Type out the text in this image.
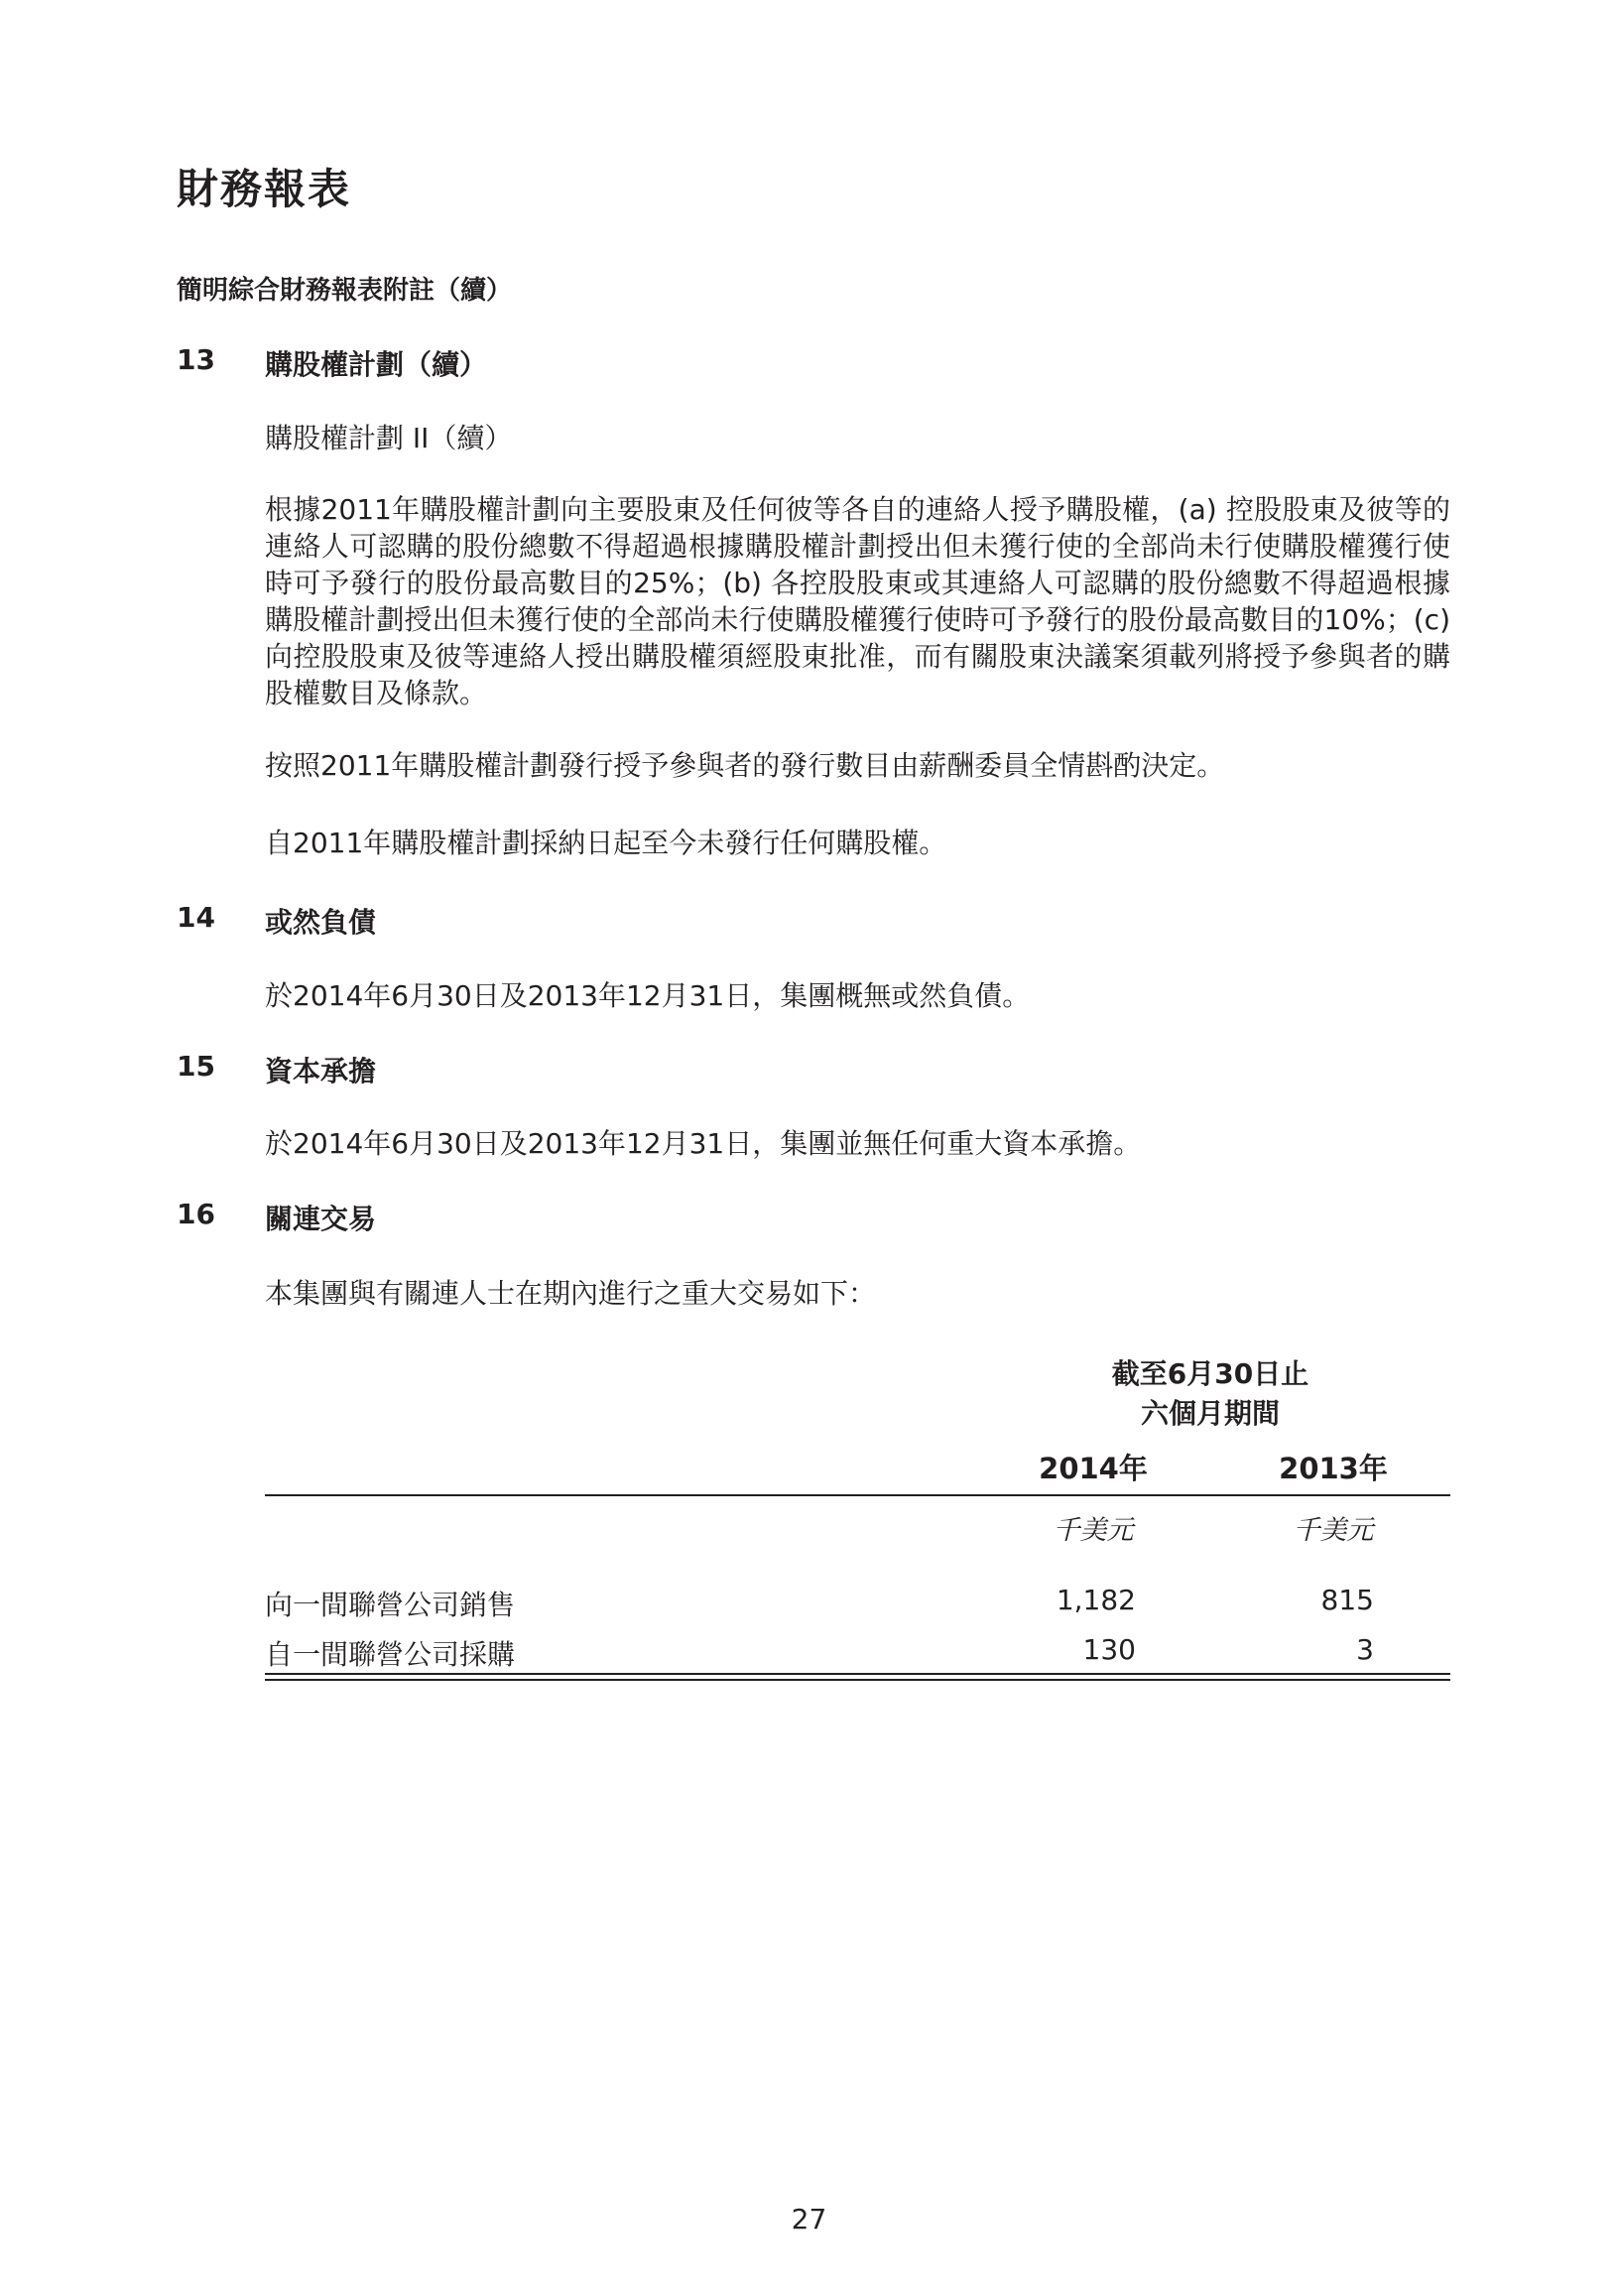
財務報表
簡明綜合財務報表附註（續）
13 購股權計劃（續）
購股權計劃 II（續）

根據2011年購股權計劃向主要股東及任何彼等各自的連絡人授予購股權，(a) 控股股東及彼等的連絡人可認購的股份總數不得超過根據購股權計劃授出但未獲行使的全部尚未行使購股權獲行使時可予發行的股份最高數目的25%；(b) 各控股股東或其連絡人可認購的股份總數不得超過根據購股權計劃授出但未獲行使的全部尚未行使購股權獲行使時可予發行的股份最高數目的10%；(c) 向控股股東及彼等連絡人授出購股權須經股東批准，而有關股東決議案須載列將授予參與者的購股權數目及條款。

按照2011年購股權計劃發行授予參與者的發行數目由薪酬委員全情斟酌決定。
自2011年購股權計劃採納日起至今未發行任何購股權。
14 或然負債
於2014年6月30日及2013年12月31日，集團概無或然負債。
15 資本承擔
於2014年6月30日及2013年12月31日，集團並無任何重大資本承擔。
16 關連交易
本集團與有關連人士在期內進行之重大交易如下：
截至6月30日止
六個月期間
2014年	2013年
千美元	千美元
向一間聯營公司銷售	1,182	815
自一間聯營公司採購	130	3
27
